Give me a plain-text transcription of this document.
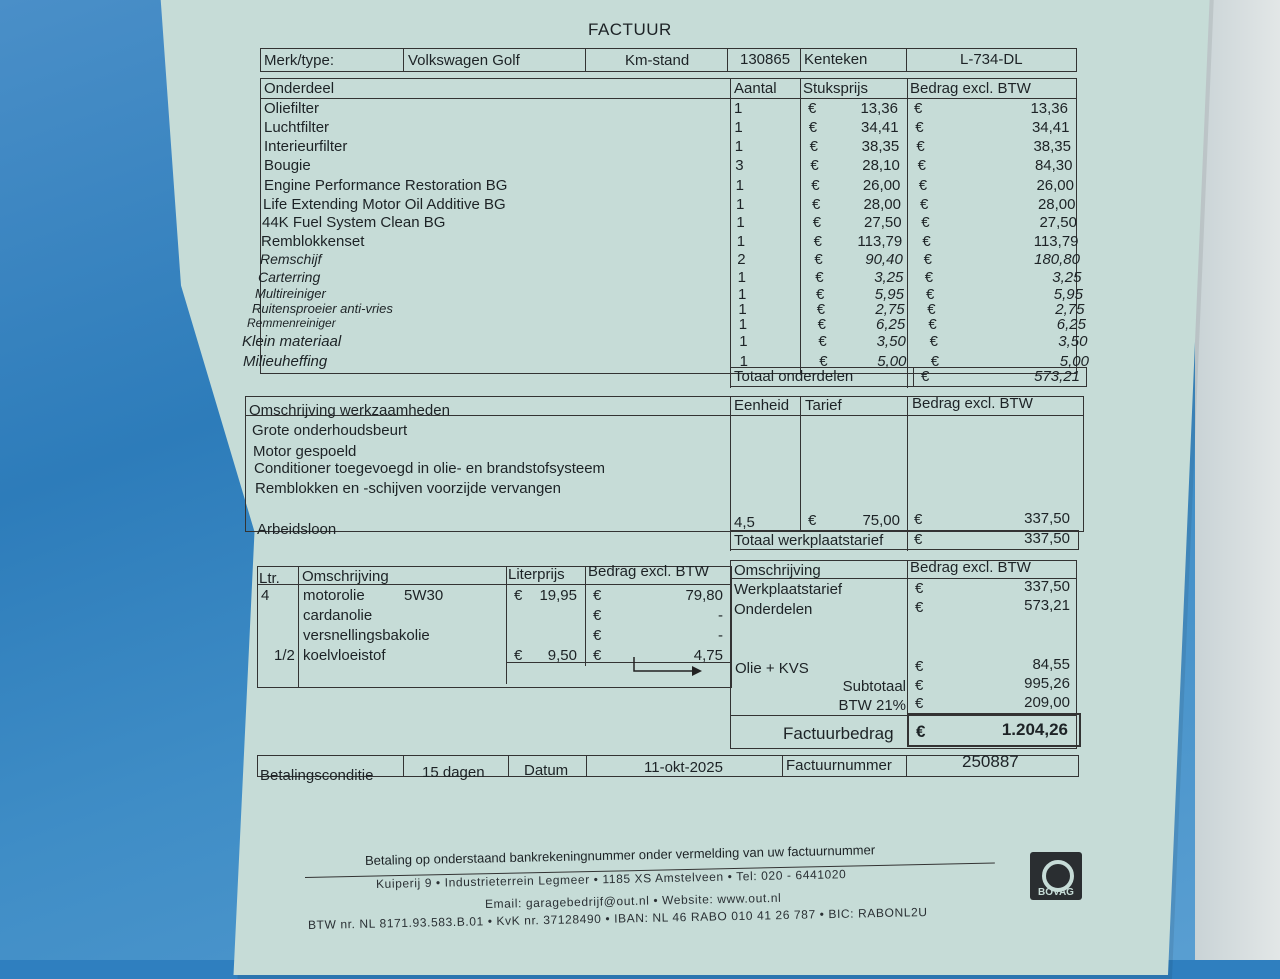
FACTUUR
Merk/type:	Volkswagen Golf	Km-stand	130865 Kenteken	L-734-DL
Onderdeel	Aantal Stuksprijs	Bedrag excl. BTW
Oliefilter	1	€	13,36 €	13,36
Luchtfilter	1	€	34,41 €	34,41
Interieurfilter	1	€	38,35 €	38,35
Bougie	3	€	28,10 €	84,30
Engine Performance Restoration BG	1	€	26,00 €	26,00
Life Extending Motor Oil Additive BG	1	€	28,00 €	28,00
44K Fuel System Clean BG	1	€	27,50 €	27,50
Remblokkenset	1	€	113,79 €	113,79
Remschijf	2	€	90,40 €	180,80
Carterring	1	€	3,25 €	3,25
Multireiniger	1	€	5,95 €	5,95
Ruitensproeier anti-vries	1	€	2,75 €	2,75
Remmenreiniger	1	€	6,25 €	6,25
Klein materiaal	1	€	3,50 €	3,50
Milieuheffing	1	€	5,00 €	5,00
Totaal onderdelen	€	573,21
Omschrijving werkzaamheden	Eenheid Tarief	Bedrag excl. BTW
Grote onderhoudsbeurt
Motor gespoeld
Conditioner toegevoegd in olie- en brandstofsysteem
Remblokken en -schijven voorzijde vervangen
Arbeidsloon	4,5	€	75,00 €	337,50
Totaal werkplaatstarief €	337,50
Ltr. Omschrijving	Literprijs Bedrag excl. BTW
4 motorolie	5W30	€	19,95 €	79,80
cardanolie	€	-
versnellingsbakolie	€	-
1/2 koelvloeistof	€	9,50 €	4,75
Omschrijving	Bedrag excl. BTW
Werkplaatstarief	€	337,50
Onderdelen	€	573,21
Olie + KVS	€	84,55
Subtotaal €	995,26
BTW 21% €	209,00
Factuurbedrag €	1.204,26
Betalingsconditie	15 dagen	Datum	11-okt-2025	Factuurnummer	250887
Betaling op onderstaand bankrekeningnummer onder vermelding van uw factuurnummer
Kuiperij 9 • Industrieterrein Legmeer • 1185 XS Amstelveen • Tel: 020 - 6441020
Email: garagebedrijf@out.nl • Website: www.out.nl
BTW nr. NL 8171.93.583.B.01 • KvK nr. 37128490 • IBAN: NL 46 RABO 010 41 26 787 • BIC: RABONL2U
BOVAG
